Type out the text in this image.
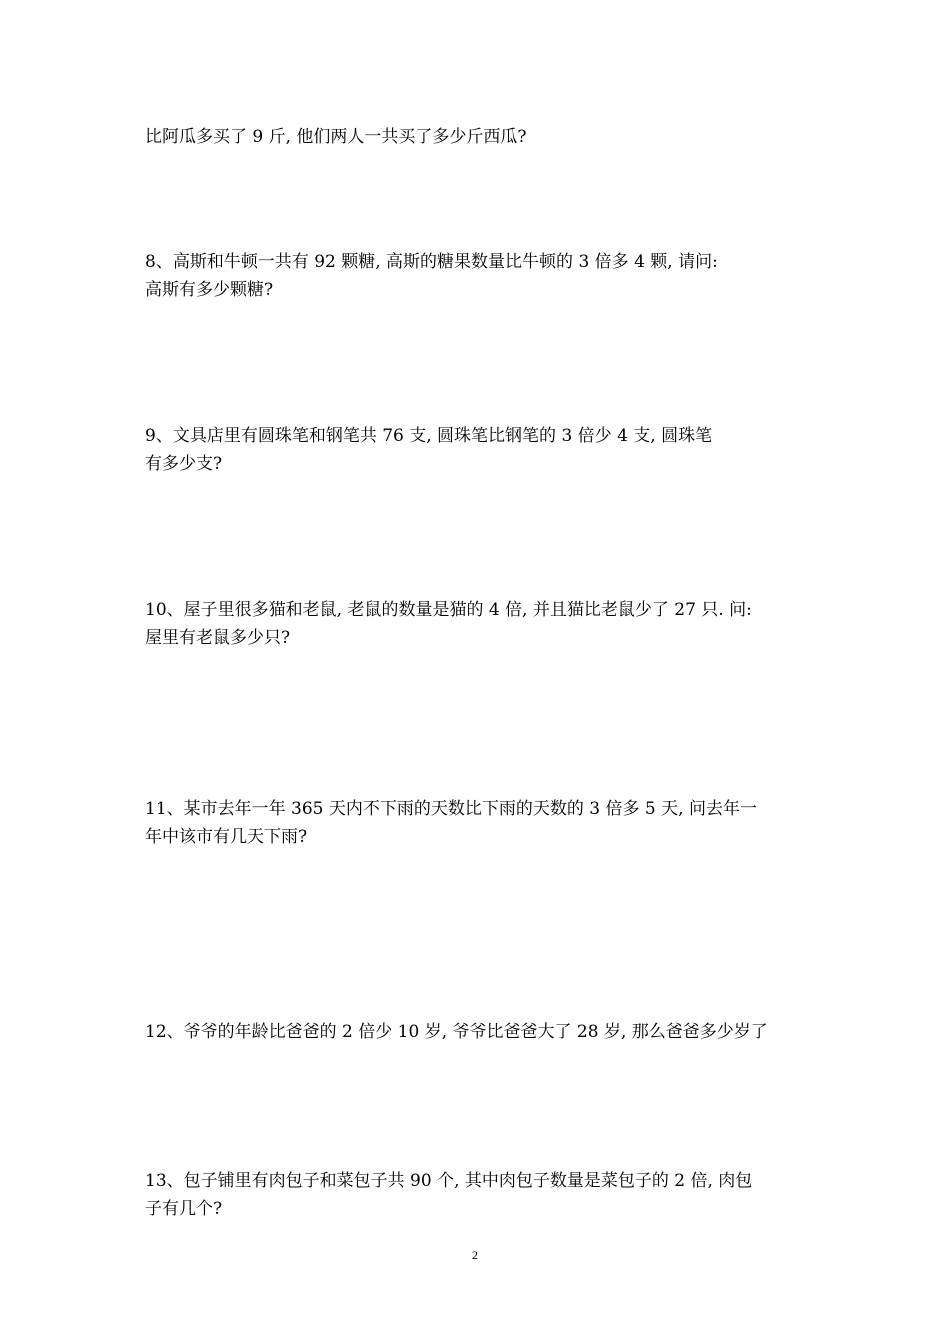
比阿瓜多买了 9 斤, 他们两人一共买了多少斤西瓜?

8、高斯和牛顿一共有 92 颗糖, 高斯的糖果数量比牛顿的 3 倍多 4 颗, 请问:
高斯有多少颗糖?

9、文具店里有圆珠笔和钢笔共 76 支, 圆珠笔比钢笔的 3 倍少 4 支, 圆珠笔
有多少支?

10、屋子里很多猫和老鼠, 老鼠的数量是猫的 4 倍, 并且猫比老鼠少了 27 只. 问:
屋里有老鼠多少只?

11、某市去年一年 365 天内不下雨的天数比下雨的天数的 3 倍多 5 天, 问去年一
年中该市有几天下雨?

12、爷爷的年龄比爸爸的 2 倍少 10 岁, 爷爷比爸爸大了 28 岁, 那么爸爸多少岁了

13、包子铺里有肉包子和菜包子共 90 个, 其中肉包子数量是菜包子的 2 倍, 肉包
子有几个?

2
